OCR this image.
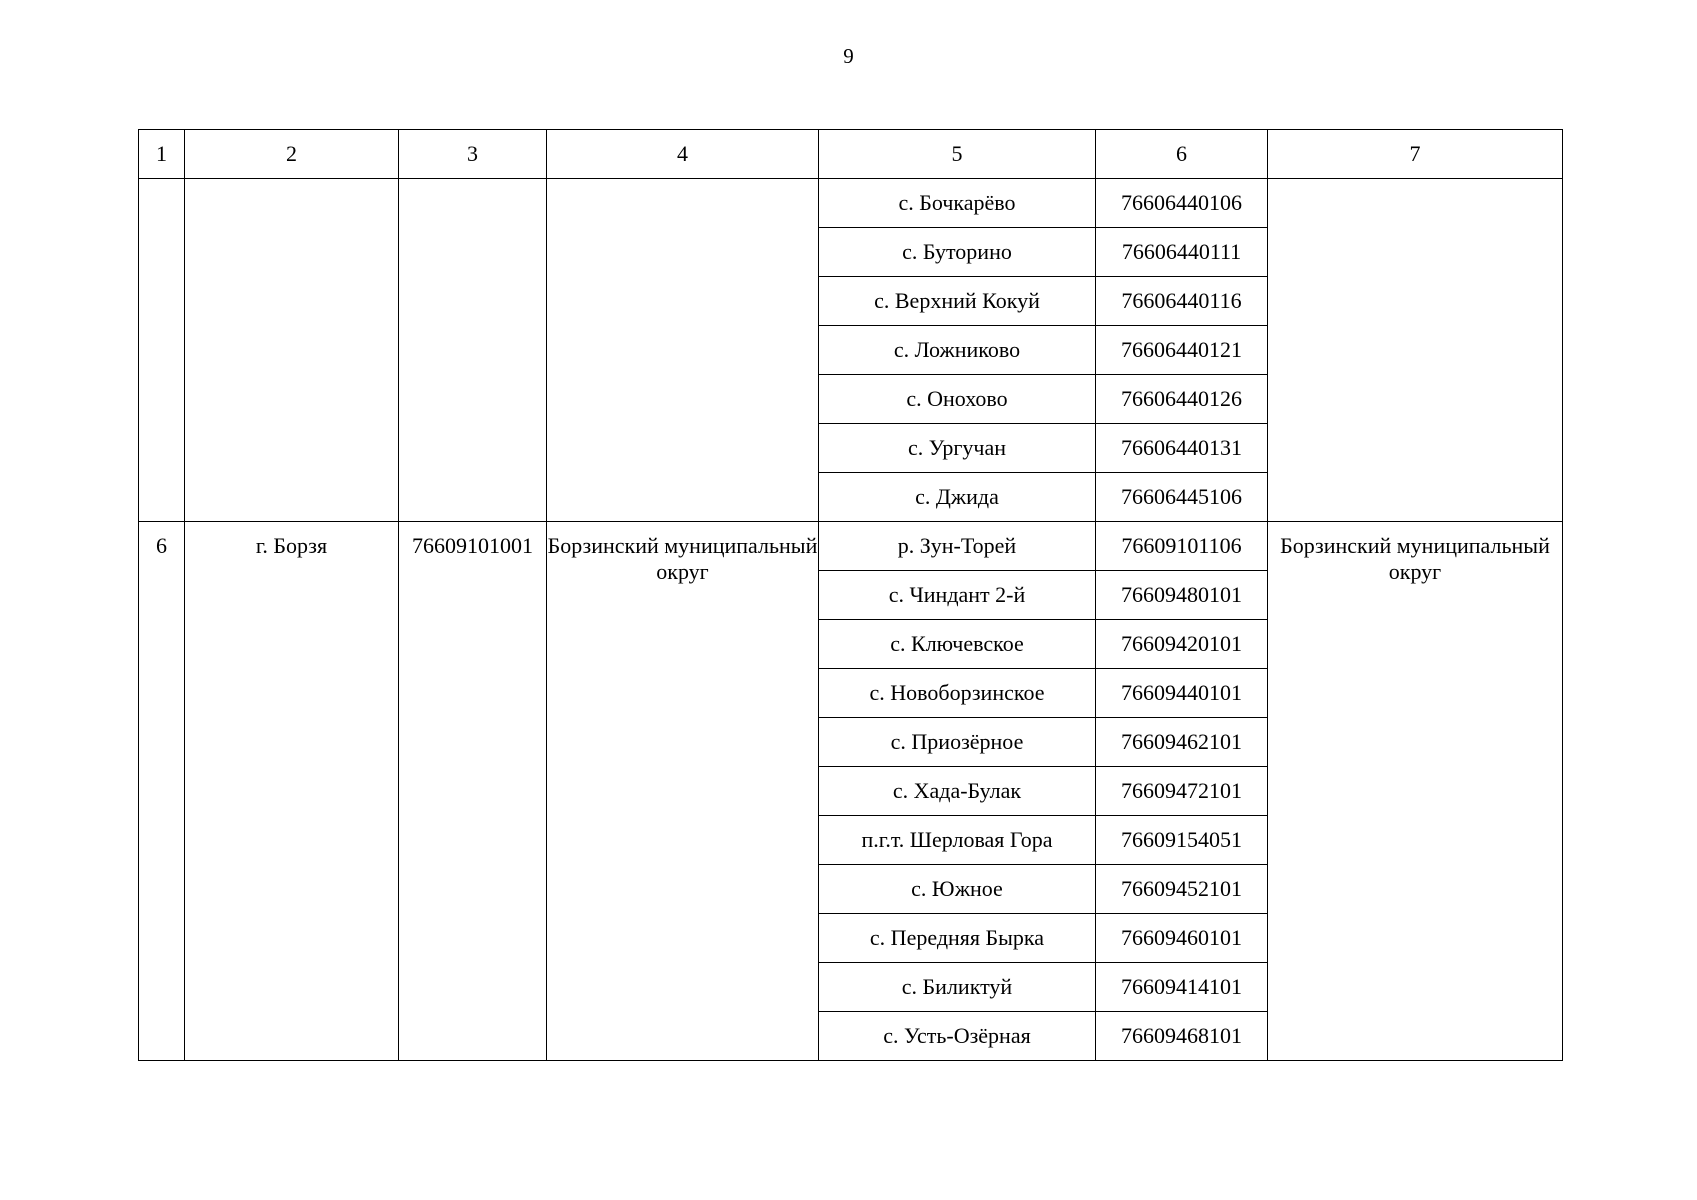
9
1	2	3	4	5	6	7
				с. Бочкарёво	76606440106	
				с. Буторино	76606440111	
				с. Верхний Кокуй	76606440116	
				с. Ложниково	76606440121	
				с. Онохово	76606440126	
				с. Ургучан	76606440131	
				с. Джида	76606445106	
6	г. Борзя	76609101001	Борзинский муниципальный округ	р. Зун-Торей	76609101106	Борзинский муниципальный округ
				с. Чиндант 2-й	76609480101	
				с. Ключевское	76609420101	
				с. Новоборзинское	76609440101	
				с. Приозёрное	76609462101	
				с. Хада-Булак	76609472101	
				п.г.т. Шерловая Гора	76609154051	
				с. Южное	76609452101	
				с. Передняя Бырка	76609460101	
				с. Биликтуй	76609414101	
				с. Усть-Озёрная	76609468101	
